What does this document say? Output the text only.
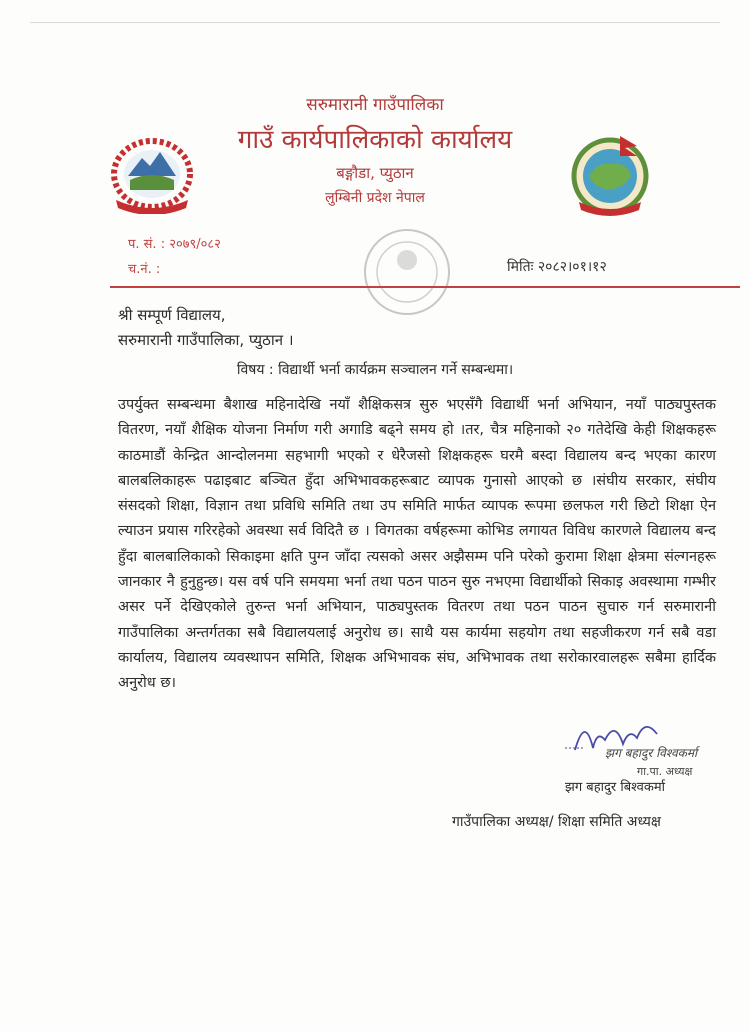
सरुमारानी गाउँपालिका
गाउँ कार्यपालिकाको कार्यालय
बङ्गौडा, प्युठान
लुम्बिनी प्रदेश नेपाल
प. सं. : २०७९/०८२
च.नं. :	मितिः २०८२।०१।१२
श्री सम्पूर्ण विद्यालय,
सरुमारानी गाउँपालिका, प्युठान ।
विषय : विद्यार्थी भर्ना कार्यक्रम सञ्चालन गर्ने सम्बन्धमा।
उपर्युक्त सम्बन्धमा बैशाख महिनादेखि नयाँ शैक्षिकसत्र सुरु भएसँगै विद्यार्थी भर्ना अभियान, नयाँ पाठ्यपुस्तक वितरण, नयाँ शैक्षिक योजना निर्माण गरी अगाडि बढ्ने समय हो ।तर, चैत्र महिनाको २० गतेदेखि केही शिक्षकहरू काठमाडौं केन्द्रित आन्दोलनमा सहभागी भएको र धेरैजसो शिक्षकहरू घरमै बस्दा विद्यालय बन्द भएका कारण बालबलिकाहरू पढाइबाट बञ्चित हुँदा अभिभावकहरूबाट व्यापक गुनासो आएको छ ।संघीय सरकार, संघीय संसदको शिक्षा, विज्ञान तथा प्रविधि समिति तथा उप समिति मार्फत व्यापक रूपमा छलफल गरी छिटो शिक्षा ऐन ल्याउन प्रयास गरिरहेको अवस्था सर्व विदितै छ । विगतका वर्षहरूमा कोभिड लगायत विविध कारणले विद्यालय बन्द हुँदा बालबालिकाको सिकाइमा क्षति पुग्न जाँदा त्यसको असर अझैसम्म पनि परेको कुरामा शिक्षा क्षेत्रमा संल्गनहरू जानकार नै हुनुहुन्छ। यस वर्ष पनि समयमा भर्ना तथा पठन पाठन सुरु नभएमा विद्यार्थीको सिकाइ अवस्थामा गम्भीर असर पर्ने देखिएकोले तुरुन्त भर्ना अभियान, पाठ्यपुस्तक वितरण तथा पठन पाठन सुचारु गर्न सरुमारानी गाउँपालिका अन्तर्गतका सबै विद्यालयलाई अनुरोध छ। साथै यस कार्यमा सहयोग तथा सहजीकरण गर्न सबै वडा कार्यालय, विद्यालय व्यवस्थापन समिति, शिक्षक अभिभावक संघ, अभिभावक तथा सरोकारवालहरू सबैमा हार्दिक अनुरोध छ।
झग बहादुर विश्वकर्मा
गा.पा. अध्यक्ष
झग बहादुर बिश्वकर्मा
गाउँपालिका अध्यक्ष/ शिक्षा समिति अध्यक्ष
